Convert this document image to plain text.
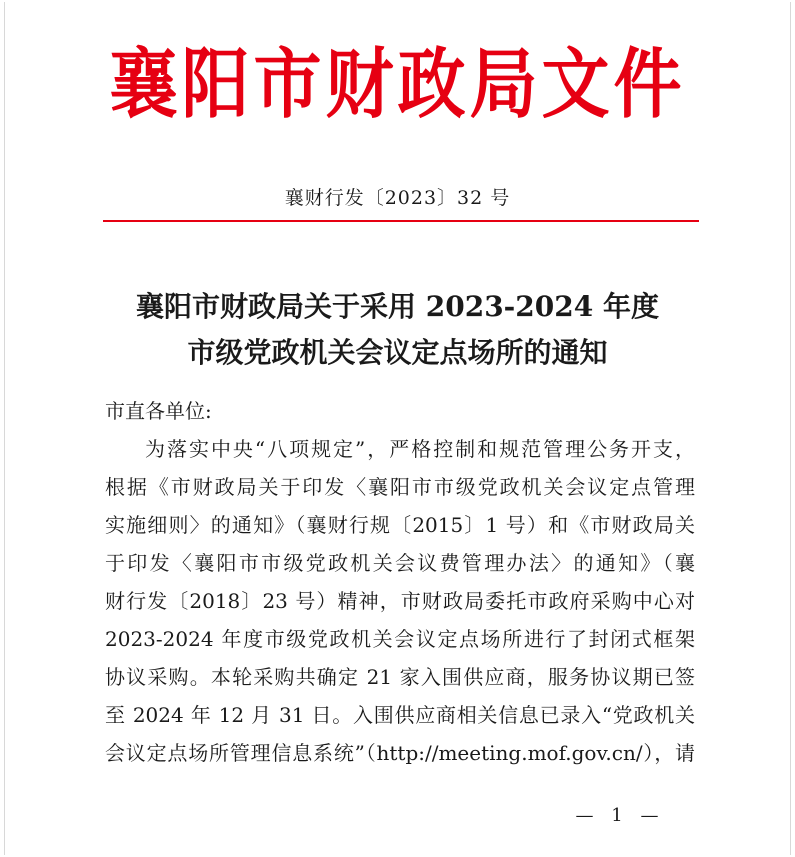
襄阳市财政局文件
襄财行发〔2023〕32 号
襄阳市财政局关于采用 2023-2024 年度
市级党政机关会议定点场所的通知
市直各单位:
为落实中央“八项规定”，严格控制和规范管理公务开支，
根据《市财政局关于印发〈襄阳市市级党政机关会议定点管理
实施细则〉的通知》（襄财行规〔2015〕1 号）和《市财政局关
于印发〈襄阳市市级党政机关会议费管理办法〉的通知》（襄
财行发〔2018〕23 号）精神，市财政局委托市政府采购中心对
2023-2024 年度市级党政机关会议定点场所进行了封闭式框架
协议采购。本轮采购共确定 21 家入围供应商，服务协议期已签
至 2024 年 12 月 31 日。入围供应商相关信息已录入“党政机关
会议定点场所管理信息系统”（http://meeting.mof.gov.cn/），请
— 1 —
